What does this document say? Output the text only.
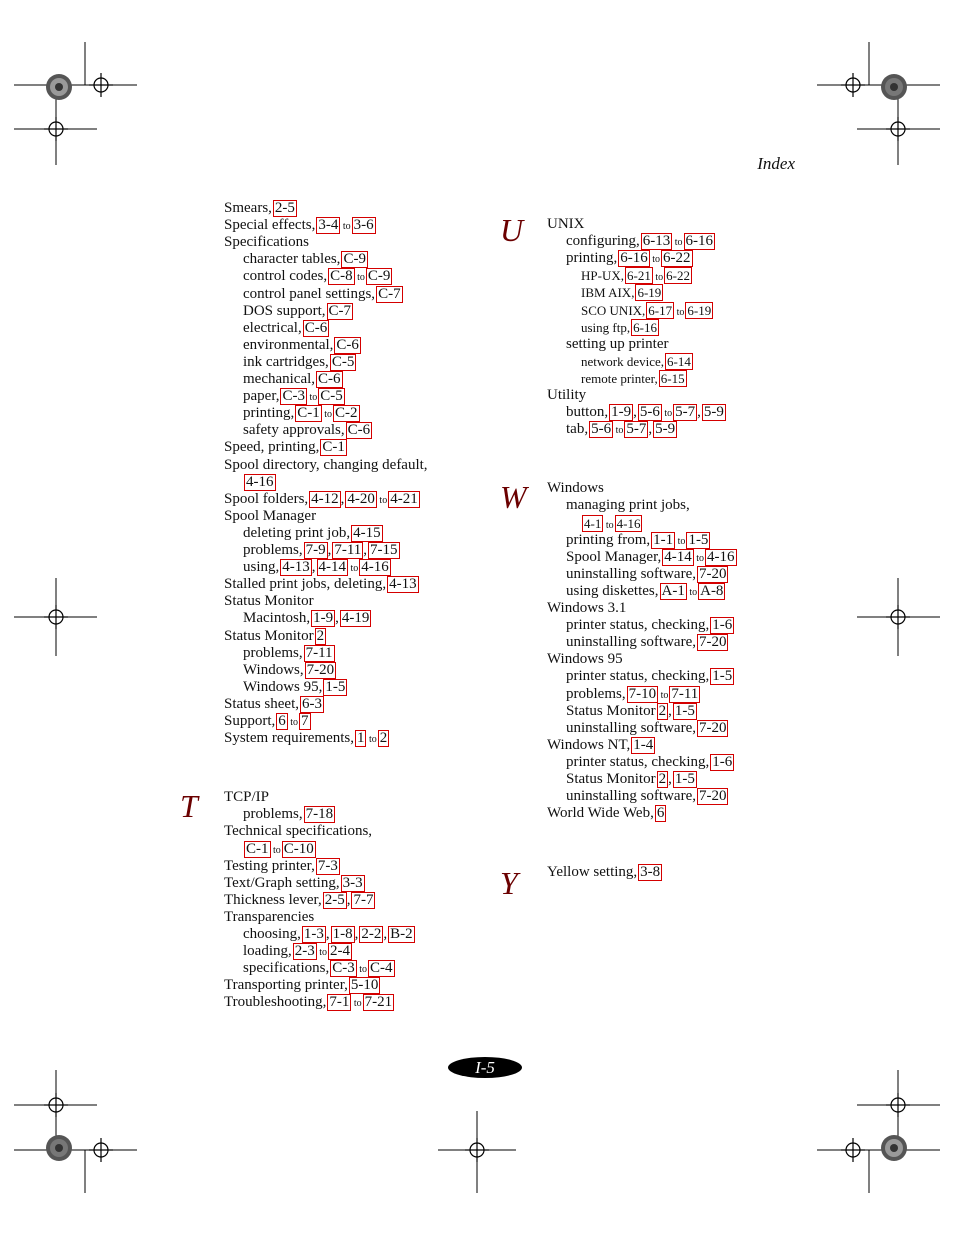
Index
T
U
W
Y
Smears, 2-5
Special effects, 3-4 to 3-6
Specifications
character tables, C-9
control codes, C-8 to C-9
control panel settings, C-7
DOS support, C-7
electrical, C-6
environmental, C-6
ink cartridges, C-5
mechanical, C-6
paper, C-3 to C-5
printing, C-1 to C-2
safety approvals, C-6
Speed, printing, C-1
Spool directory, changing default,
4-16
Spool folders, 4-12 , 4-20 to 4-21
Spool Manager
deleting print job, 4-15
problems, 7-9 , 7-11 , 7-15
using, 4-13 , 4-14 to 4-16
Stalled print jobs, deleting, 4-13
Status Monitor
Macintosh, 1-9 , 4-19
Status Monitor 2
problems, 7-11
Windows, 7-20
Windows 95, 1-5
Status sheet, 6-3
Support, 6 to 7
System requirements, 1 to 2
TCP/IP
problems, 7-18
Technical specifications,
C-1 to C-10
Testing printer, 7-3
Text/Graph setting, 3-3
Thickness lever, 2-5 , 7-7
Transparencies
choosing, 1-3 , 1-8 , 2-2 , B-2
loading, 2-3 to 2-4
specifications, C-3 to C-4
Transporting printer, 5-10
Troubleshooting, 7-1 to 7-21
UNIX
configuring, 6-13 to 6-16
printing, 6-16 to 6-22
HP-UX, 6-21 to 6-22
IBM AIX, 6-19
SCO UNIX, 6-17 to 6-19
using ftp, 6-16
setting up printer
network device, 6-14
remote printer, 6-15
Utility
button, 1-9 , 5-6 to 5-7 , 5-9
tab, 5-6 to 5-7 , 5-9
Windows
managing print jobs,
4-1 to 4-16
printing from, 1-1 to 1-5
Spool Manager, 4-14 to 4-16
uninstalling software, 7-20
using diskettes, A-1 to A-8
Windows 3.1
printer status, checking, 1-6
uninstalling software, 7-20
Windows 95
printer status, checking, 1-5
problems, 7-10 to 7-11
Status Monitor 2 , 1-5
uninstalling software, 7-20
Windows NT, 1-4
printer status, checking, 1-6
Status Monitor 2 , 1-5
uninstalling software, 7-20
World Wide Web, 6
Yellow setting, 3-8
I-5
